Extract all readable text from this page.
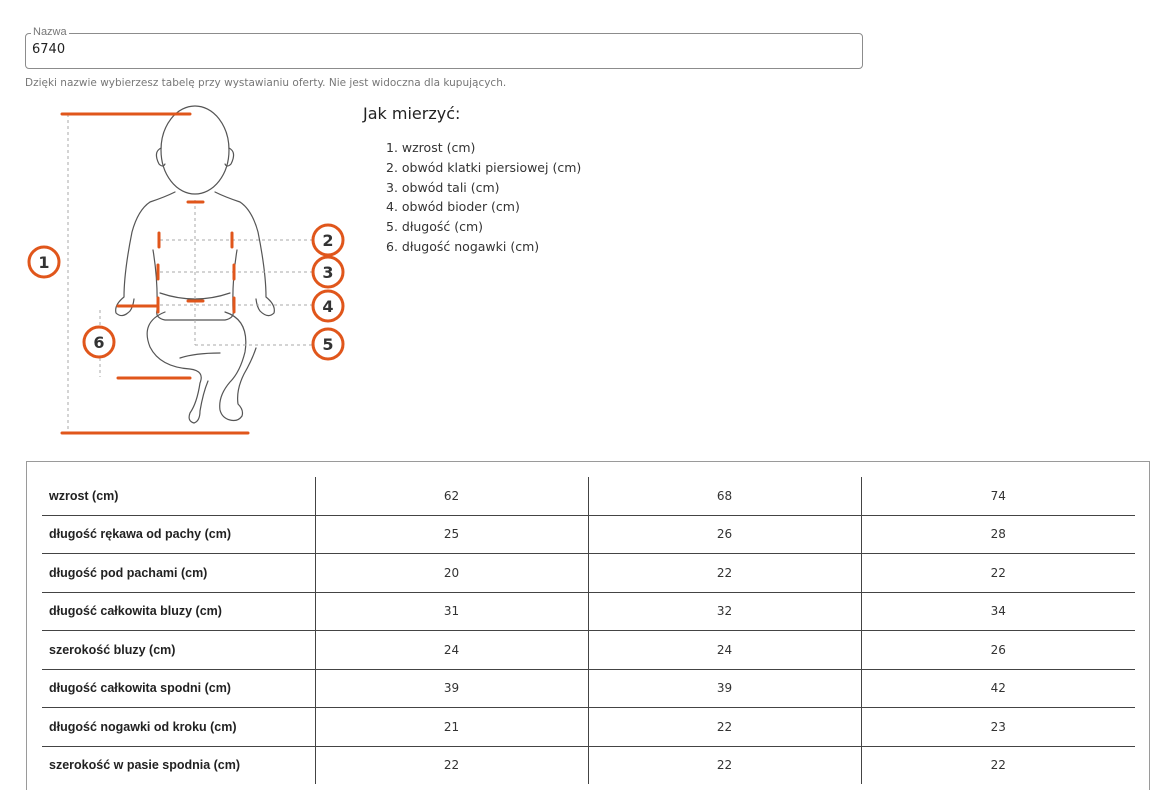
Nazwa
6740
Dzięki nazwie wybierzesz tabelę przy wystawianiu oferty. Nie jest widoczna dla kupujących.
1
2
3
4
5
6
Jak mierzyć:
1. wzrost (cm)
2. obwód klatki piersiowej (cm)
3. obwód tali (cm)
4. obwód bioder (cm)
5. długość (cm)
6. długość nogawki (cm)
wzrost (cm)	62	68	74
długość rękawa od pachy (cm)	25	26	28
długość pod pachami (cm)	20	22	22
długość całkowita bluzy (cm)	31	32	34
szerokość bluzy (cm)	24	24	26
długość całkowita spodni (cm)	39	39	42
długość nogawki od kroku (cm)	21	22	23
szerokość w pasie spodnia (cm)	22	22	22
